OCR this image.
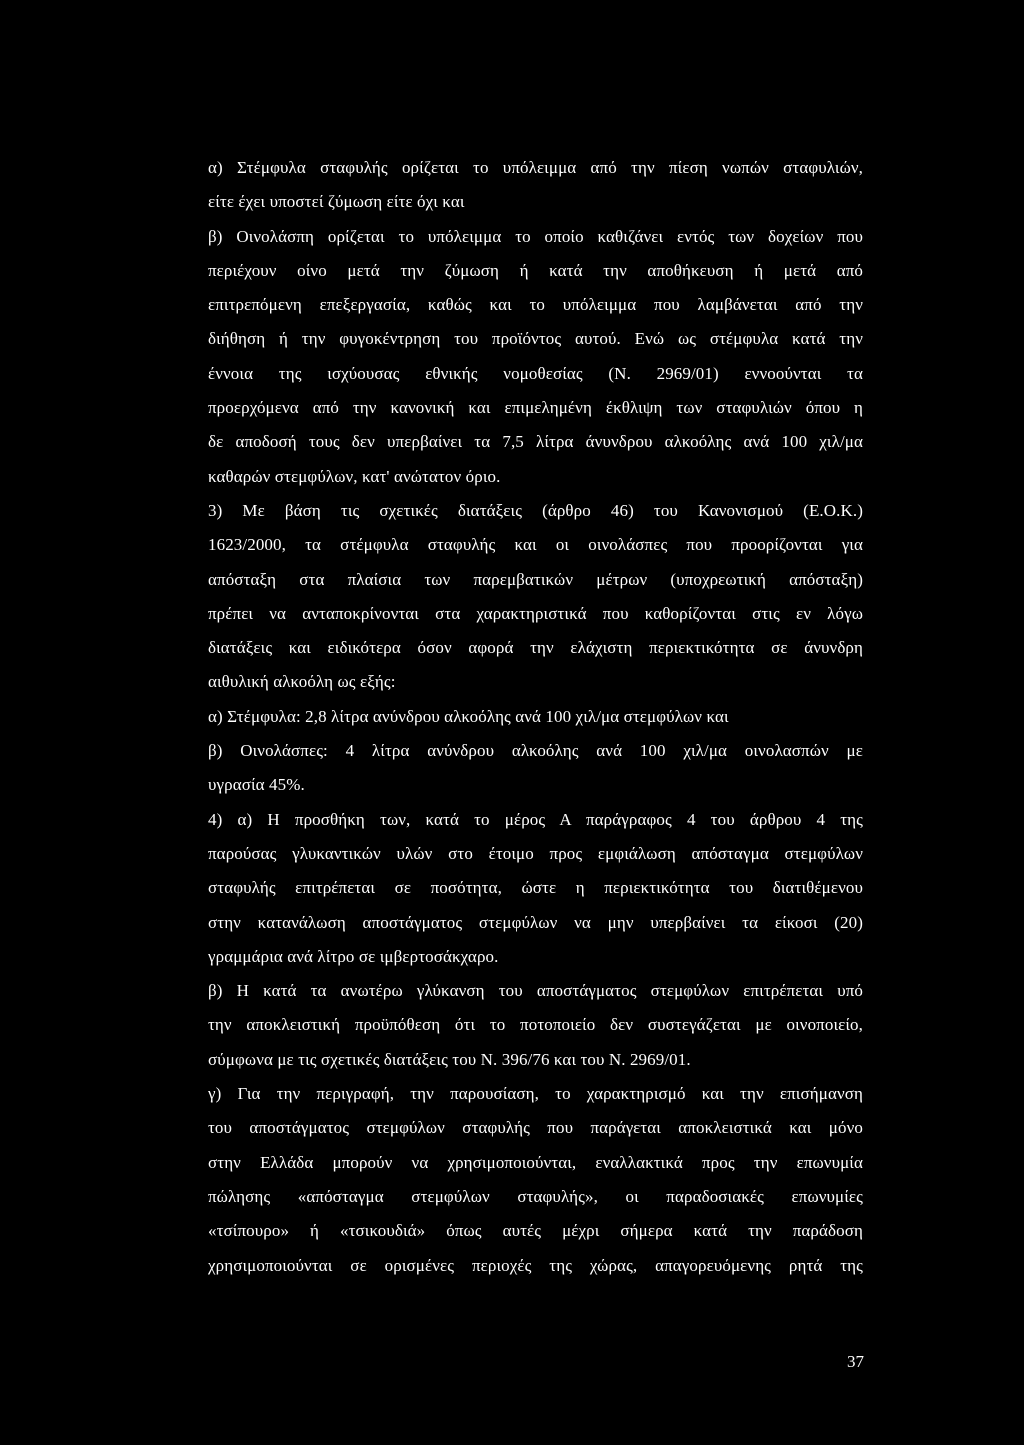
α) Στέμφυλα σταφυλής ορίζεται το υπόλειμμα από την πίεση νωπών σταφυλιών,
είτε έχει υποστεί ζύμωση είτε όχι και
β) Οινολάσπη ορίζεται το υπόλειμμα το οποίο καθιζάνει εντός των δοχείων που
περιέχουν οίνο μετά την ζύμωση ή κατά την αποθήκευση ή μετά από
επιτρεπόμενη επεξεργασία, καθώς και το υπόλειμμα που λαμβάνεται από την
διήθηση ή την φυγοκέντρηση του προϊόντος αυτού. Ενώ ως στέμφυλα κατά την
έννοια της ισχύουσας εθνικής νομοθεσίας (Ν. 2969/01) εννοούνται τα
προερχόμενα από την κανονική και επιμελημένη έκθλιψη των σταφυλιών όπου η
δε αποδοσή τους δεν υπερβαίνει τα 7,5 λίτρα άνυνδρου αλκοόλης ανά 100 χιλ/μα
καθαρών στεμφύλων, κατ' ανώτατον όριο.
3) Με βάση τις σχετικές διατάξεις (άρθρο 46) του Κανονισμού (Ε.Ο.Κ.)
1623/2000, τα στέμφυλα σταφυλής και οι οινολάσπες που προορίζονται για
απόσταξη στα πλαίσια των παρεμβατικών μέτρων (υποχρεωτική απόσταξη)
πρέπει να ανταποκρίνονται στα χαρακτηριστικά που καθορίζονται στις εν λόγω
διατάξεις και ειδικότερα όσον αφορά την ελάχιστη περιεκτικότητα σε άνυνδρη
αιθυλική αλκοόλη ως εξής:
α) Στέμφυλα: 2,8 λίτρα ανύνδρου αλκοόλης ανά 100 χιλ/μα στεμφύλων και
β) Οινολάσπες: 4 λίτρα ανύνδρου αλκοόλης ανά 100 χιλ/μα οινολασπών με
υγρασία 45%.
4) α) Η προσθήκη των, κατά το μέρος Α παράγραφος 4 του άρθρου 4 της
παρούσας γλυκαντικών υλών στο έτοιμο προς εμφιάλωση απόσταγμα στεμφύλων
σταφυλής επιτρέπεται σε ποσότητα, ώστε η περιεκτικότητα του διατιθέμενου
στην κατανάλωση αποστάγματος στεμφύλων να μην υπερβαίνει τα είκοσι (20)
γραμμάρια ανά λίτρο σε ιμβερτοσάκχαρο.
β) Η κατά τα ανωτέρω γλύκανση του αποστάγματος στεμφύλων επιτρέπεται υπό
την αποκλειστική προϋπόθεση ότι το ποτοποιείο δεν συστεγάζεται με οινοποιείο,
σύμφωνα με τις σχετικές διατάξεις του Ν. 396/76 και του Ν. 2969/01.
γ) Για την περιγραφή, την παρουσίαση, το χαρακτηρισμό και την επισήμανση
του αποστάγματος στεμφύλων σταφυλής που παράγεται αποκλειστικά και μόνο
στην Ελλάδα μπορούν να χρησιμοποιούνται, εναλλακτικά προς την επωνυμία
πώλησης «απόσταγμα στεμφύλων σταφυλής», οι παραδοσιακές επωνυμίες
«τσίπουρο» ή «τσικουδιά» όπως αυτές μέχρι σήμερα κατά την παράδοση
χρησιμοποιούνται σε ορισμένες περιοχές της χώρας, απαγορευόμενης ρητά της
37
